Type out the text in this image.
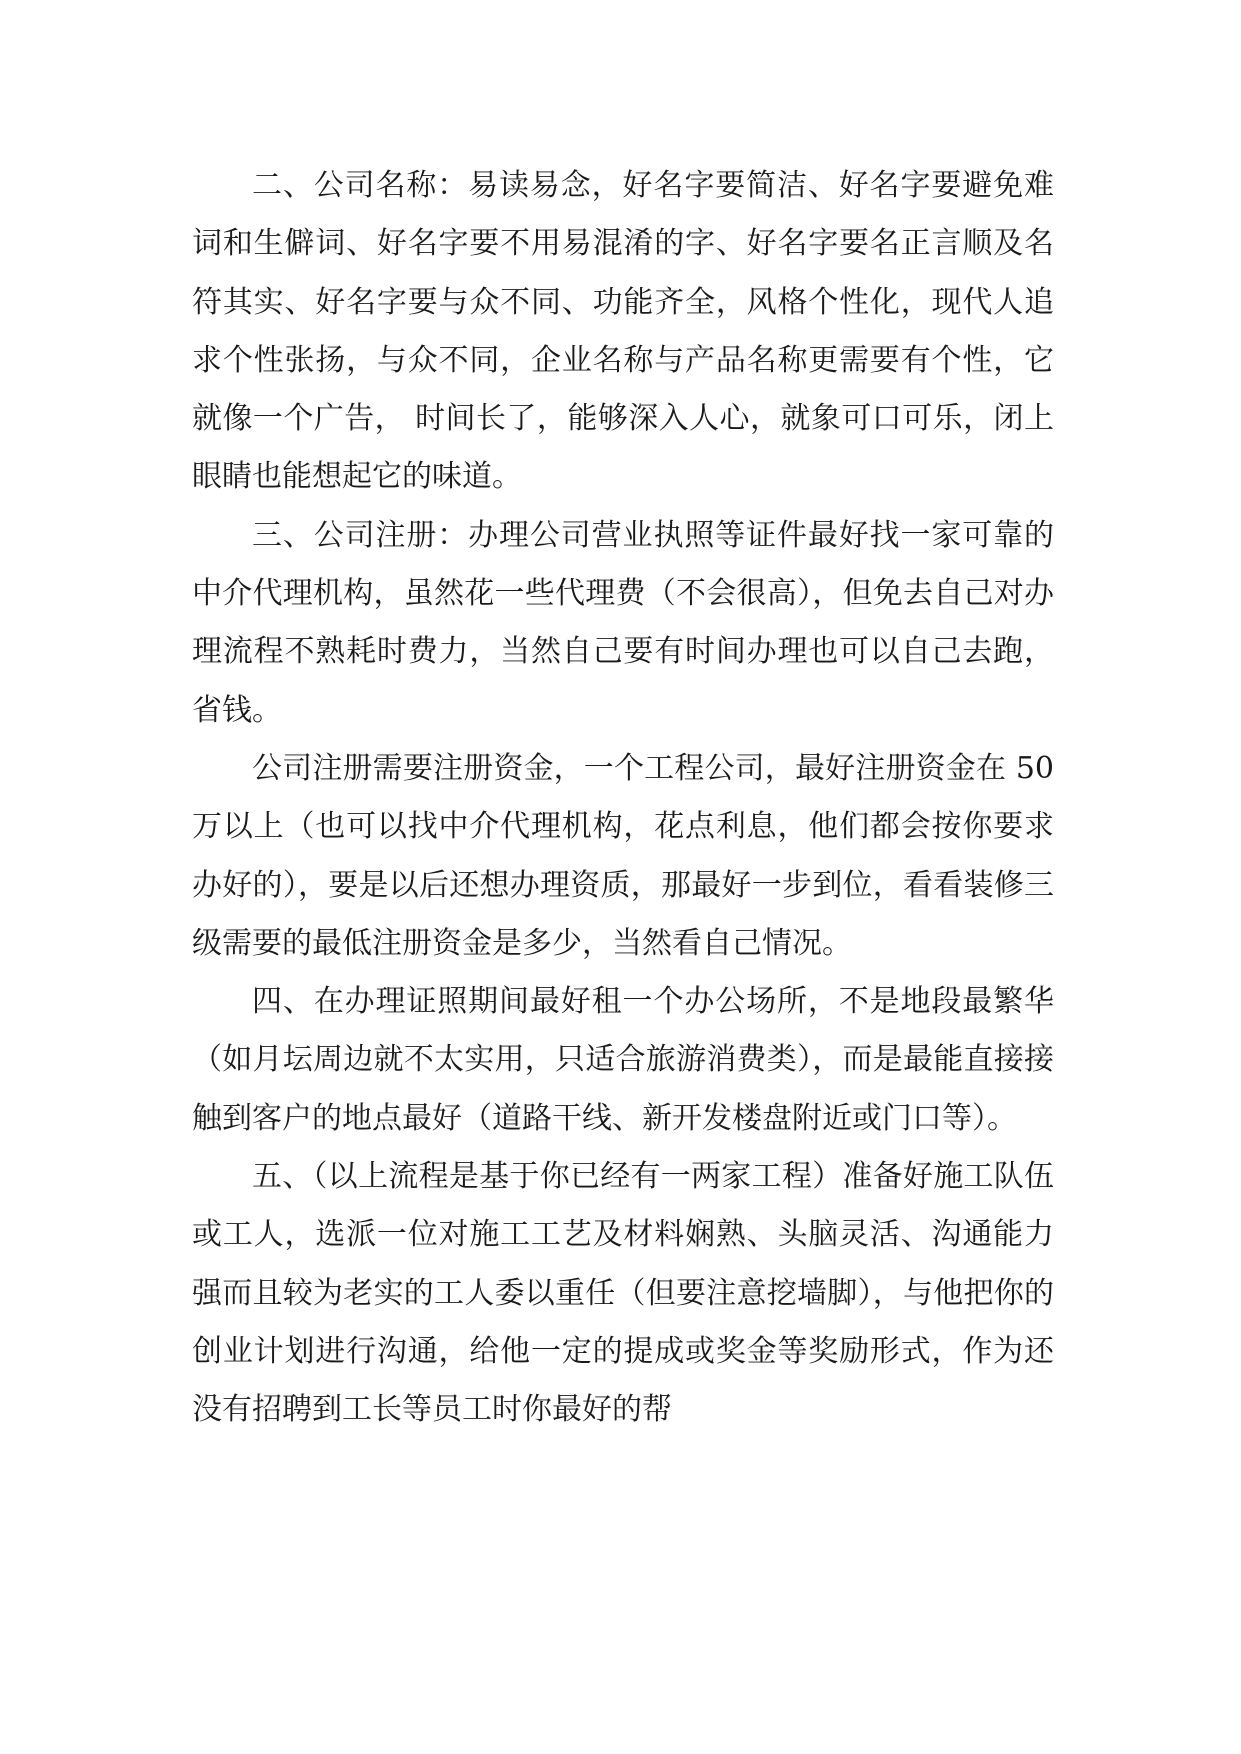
二、公司名称：易读易念，好名字要简洁、好名字要避免难词和生僻词、好名字要不用易混淆的字、好名字要名正言顺及名符其实、好名字要与众不同、功能齐全，风格个性化，现代人追求个性张扬，与众不同，企业名称与产品名称更需要有个性，它就像一个广告， 时间长了，能够深入人心，就象可口可乐，闭上眼睛也能想起它的味道。

三、公司注册：办理公司营业执照等证件最好找一家可靠的中介代理机构，虽然花一些代理费（不会很高），但免去自己对办理流程不熟耗时费力，当然自己要有时间办理也可以自己去跑，省钱。

公司注册需要注册资金，一个工程公司，最好注册资金在 50 万以上（也可以找中介代理机构，花点利息，他们都会按你要求办好的），要是以后还想办理资质，那最好一步到位，看看装修三级需要的最低注册资金是多少，当然看自己情况。

四、在办理证照期间最好租一个办公场所，不是地段最繁华（如月坛周边就不太实用，只适合旅游消费类），而是最能直接接触到客户的地点最好（道路干线、新开发楼盘附近或门口等）。

五、（以上流程是基于你已经有一两家工程）准备好施工队伍或工人，选派一位对施工工艺及材料娴熟、头脑灵活、沟通能力强而且较为老实的工人委以重任（但要注意挖墙脚），与他把你的创业计划进行沟通，给他一定的提成或奖金等奖励形式，作为还没有招聘到工长等员工时你最好的帮
